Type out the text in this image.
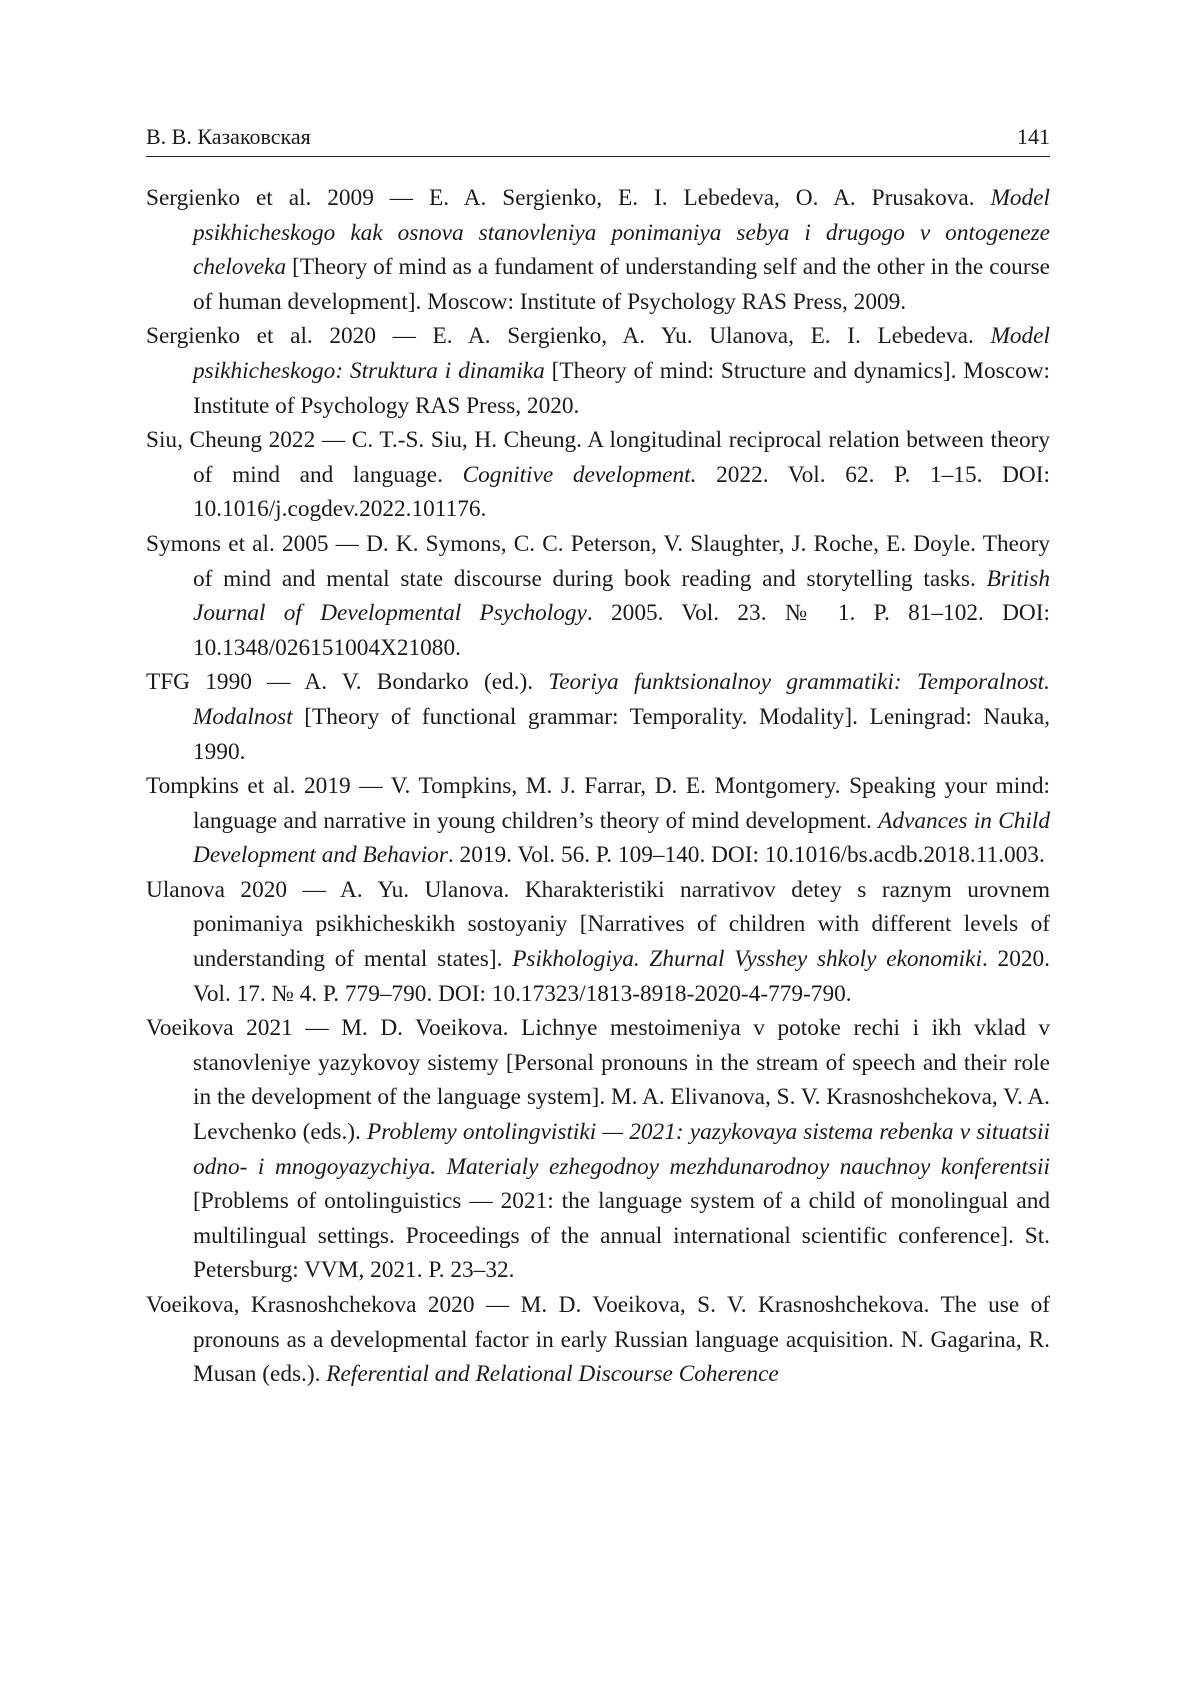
В. В. Казаковская	141

Sergienko et al. 2009 — E. A. Sergienko, E. I. Lebedeva, O. A. Prusakova. Model psikhicheskogo kak osnova stanovleniya ponimaniya sebya i drugogo v ontogeneze cheloveka [Theory of mind as a fundament of understanding self and the other in the course of human development]. Moscow: Institute of Psychology RAS Press, 2009.

Sergienko et al. 2020 — E. A. Sergienko, A. Yu. Ulanova, E. I. Lebedeva. Model psikhicheskogo: Struktura i dinamika [Theory of mind: Structure and dynamics]. Moscow: Institute of Psychology RAS Press, 2020.

Siu, Cheung 2022 — C. T.-S. Siu, H. Cheung. A longitudinal reciprocal relation between theory of mind and language. Cognitive development. 2022. Vol. 62. P. 1–15. DOI: 10.1016/j.cogdev.2022.101176.

Symons et al. 2005 — D. K. Symons, C. C. Peterson, V. Slaughter, J. Roche, E. Doyle. Theory of mind and mental state discourse during book reading and storytelling tasks. British Journal of Developmental Psychology. 2005. Vol. 23. № 1. P. 81–102. DOI: 10.1348/026151004X21080.

TFG 1990 — A. V. Bondarko (ed.). Teoriya funktsionalnoy grammatiki: Temporalnost. Modalnost [Theory of functional grammar: Temporality. Modality]. Leningrad: Nauka, 1990.

Tompkins et al. 2019 — V. Tompkins, M. J. Farrar, D. E. Montgomery. Speaking your mind: language and narrative in young children’s theory of mind development. Advances in Child Development and Behavior. 2019. Vol. 56. P. 109–140. DOI: 10.1016/bs.acdb.2018.11.003.

Ulanova 2020 — A. Yu. Ulanova. Kharakteristiki narrativov detey s raznym urovnem ponimaniya psikhicheskikh sostoyaniy [Narratives of children with different levels of understanding of mental states]. Psikhologiya. Zhurnal Vysshey shkoly ekonomiki. 2020. Vol. 17. № 4. P. 779–790. DOI: 10.17323/1813-8918-2020-4-779-790.

Voeikova 2021 — M. D. Voeikova. Lichnye mestoimeniya v potoke rechi i ikh vklad v stanovleniye yazykovoy sistemy [Personal pronouns in the stream of speech and their role in the development of the language system]. M. A. Elivanova, S. V. Krasnoshchekova, V. A. Levchenko (eds.). Problemy ontolingvistiki — 2021: yazykovaya sistema rebenka v situatsii odno- i mnogoyazychiya. Materialy ezhegodnoy mezhdunarodnoy nauchnoy konferentsii [Problems of ontolinguistics — 2021: the language system of a child of monolingual and multilingual settings. Proceedings of the annual international scientific conference]. St. Petersburg: VVM, 2021. P. 23–32.

Voeikova, Krasnoshchekova 2020 — M. D. Voeikova, S. V. Krasnoshchekova. The use of pronouns as a developmental factor in early Russian language acquisition. N. Gagarina, R. Musan (eds.). Referential and Relational Discourse Coherence
